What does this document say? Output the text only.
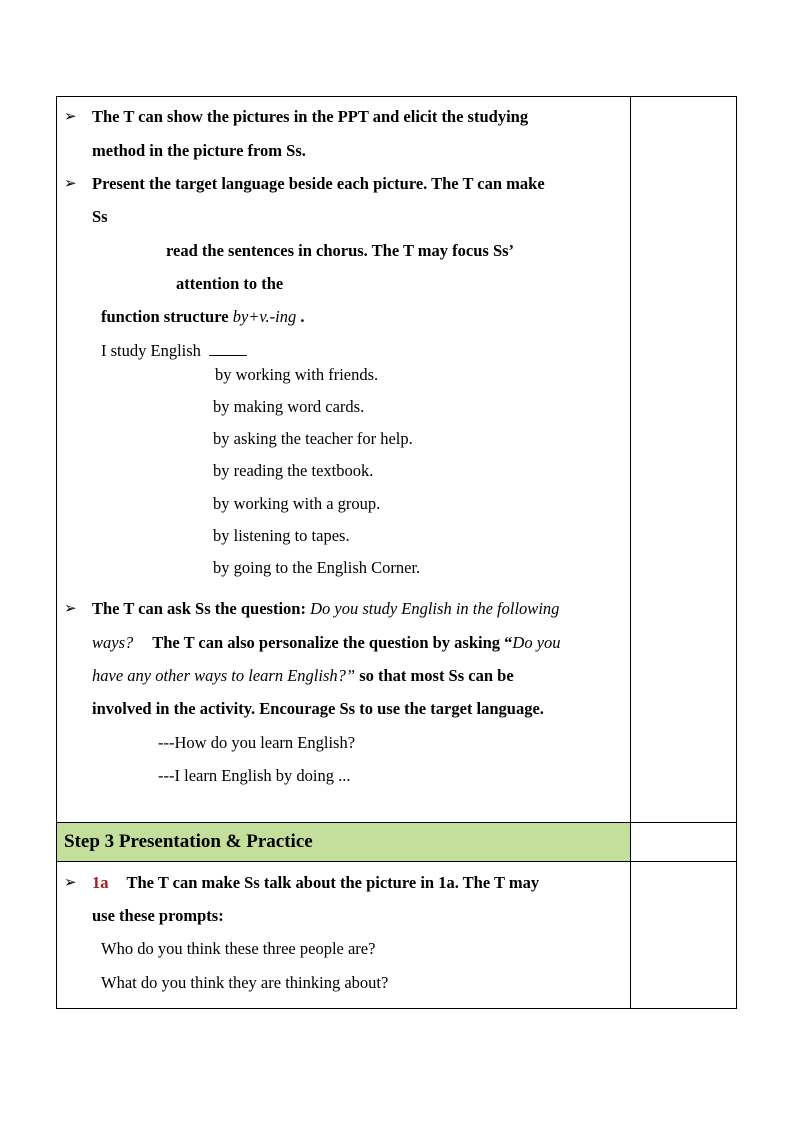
Step 3 Presentation & Practice
➢ The T can show the pictures in the PPT and elicit the studying
method in the picture from Ss.
➢ Present the target language beside each picture. The T can make
Ss
read the sentences in chorus. The T may focus Ss’
attention to the
function structure by+v.-ing .
I study English
by working with friends.
by making word cards.
by asking the teacher for help.
by reading the textbook.
by working with a group.
by listening to tapes.
by going to the English Corner.
➢ The T can ask Ss the question: Do you study English in the following
ways? The T can also personalize the question by asking “Do you
have any other ways to learn English?” so that most Ss can be
involved in the activity. Encourage Ss to use the target language.
---How do you learn English?
---I learn English by doing ...
➢ 1a The T can make Ss talk about the picture in 1a. The T may
use these prompts:
Who do you think these three people are?
What do you think they are thinking about?
